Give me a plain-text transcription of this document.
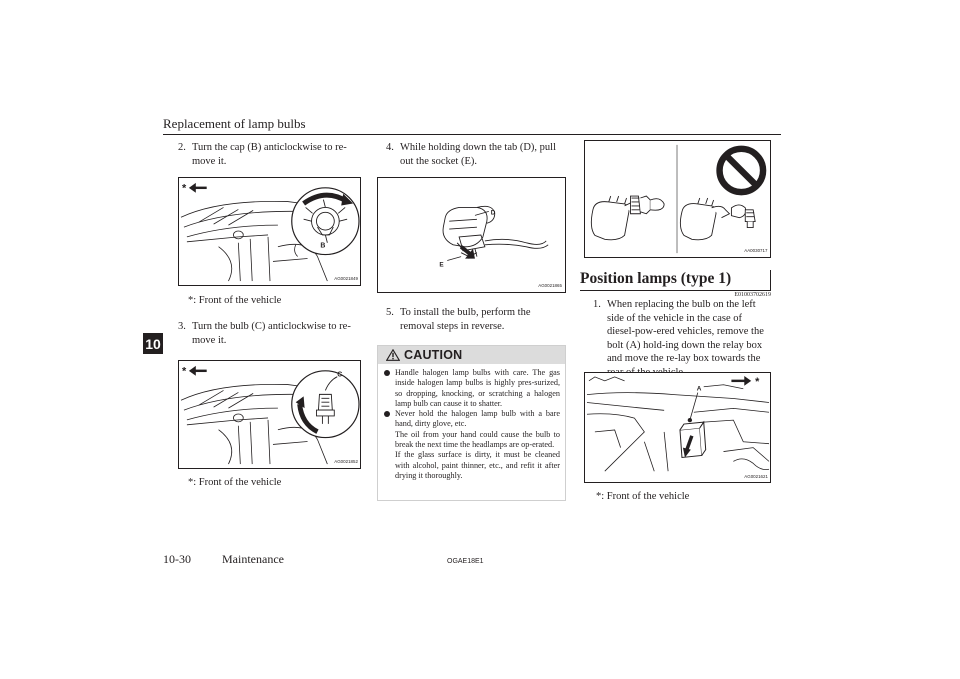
Replacement of lamp bulbs
10
2. Turn the cap (B) anticlockwise to re-move it.
B
*
AG0021849
*: Front of the vehicle
3. Turn the bulb (C) anticlockwise to re-move it.
C
*
AG0021852
*: Front of the vehicle
4. While holding down the tab (D), pull out the socket (E).
D
E
AG0021865
5. To install the bulb, perform the removal steps in reverse.
CAUTION
Handle halogen lamp bulbs with care. The gas inside halogen lamp bulbs is highly pres-surized, so dropping, knocking, or scratching a halogen lamp bulb can cause it to shatter.
Never hold the halogen lamp bulb with a bare hand, dirty glove, etc.
The oil from your hand could cause the bulb to break the next time the headlamps are op-erated.
If the glass surface is dirty, it must be cleaned with alcohol, paint thinner, etc., and refit it after drying it thoroughly.
AA0030717
Position lamps (type 1)
E01003702619
1. When replacing the bulb on the left side of the vehicle in the case of diesel-pow-ered vehicles, remove the bolt (A) hold-ing down the relay box and move the re-lay box towards the
A
*
AG0021621
*: Front of the vehicle
10-30	Maintenance	OGAE18E1
